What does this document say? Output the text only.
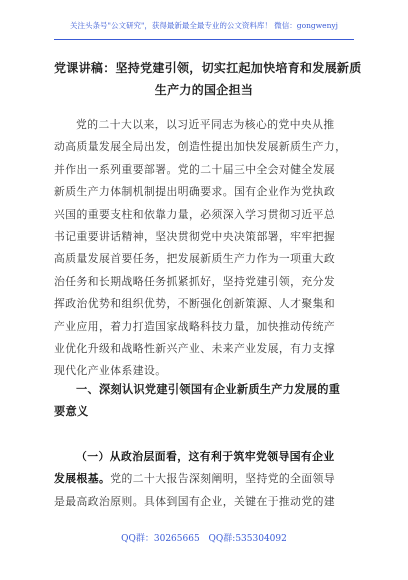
关注头条号"公文研究"，获得最新最全最专业的公文资料库！ 微信：gongwenyj
党课讲稿：坚持党建引领，切实扛起加快培育和发展新质
生产力的国企担当
党的二十大以来，以习近平同志为核心的党中央从推
动高质量发展全局出发，创造性提出加快发展新质生产力，
并作出一系列重要部署。党的二十届三中全会对健全发展
新质生产力体制机制提出明确要求。国有企业作为党执政
兴国的重要支柱和依靠力量，必须深入学习贯彻习近平总
书记重要讲话精神，坚决贯彻党中央决策部署，牢牢把握
高质量发展首要任务，把发展新质生产力作为一项重大政
治任务和长期战略任务抓紧抓好，坚持党建引领，充分发
挥政治优势和组织优势，不断强化创新策源、人才聚集和
产业应用，着力打造国家战略科技力量，加快推动传统产
业优化升级和战略性新兴产业、未来产业发展，有力支撑
现代化产业体系建设。
一、深刻认识党建引领国有企业新质生产力发展的重
要意义
（一）从政治层面看，这有利于筑牢党领导国有企业
发展根基。党的二十大报告深刻阐明，坚持党的全面领导
是最高政治原则。具体到国有企业，关键在于推动党的建
QQ群：30265665 QQ群:535304092
